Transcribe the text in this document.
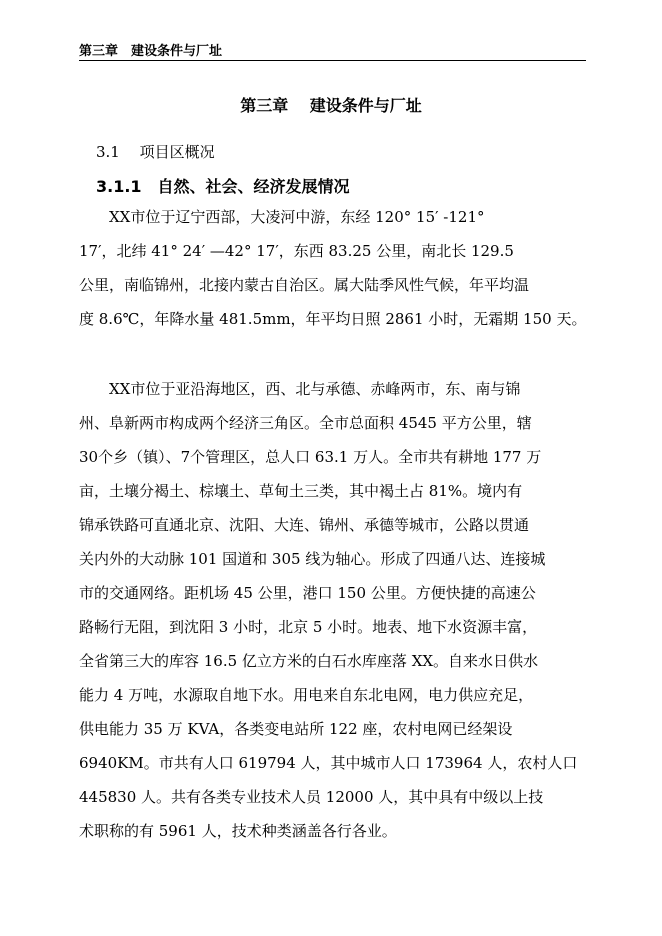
第三章　建设条件与厂址
第三章　 建设条件与厂址
3.1　 项目区概况
3.1.1　自然、社会、经济发展情况
　　XX市位于辽宁西部，大凌河中游，东经 120° 15′ -121°
17′，北纬 41° 24′ —42° 17′，东西 83.25 公里，南北长 129.5
公里，南临锦州，北接内蒙古自治区。属大陆季风性气候，年平均温
度 8.6℃，年降水量 481.5mm，年平均日照 2861 小时，无霜期 150 天。
　　XX市位于亚沿海地区，西、北与承德、赤峰两市，东、南与锦
州、阜新两市构成两个经济三角区。全市总面积 4545 平方公里，辖
30个乡（镇）、7个管理区，总人口 63.1 万人。全市共有耕地 177 万
亩，土壤分褐土、棕壤土、草甸土三类，其中褐土占 81%。境内有
锦承铁路可直通北京、沈阳、大连、锦州、承德等城市，公路以贯通
关内外的大动脉 101 国道和 305 线为轴心。形成了四通八达、连接城
市的交通网络。距机场 45 公里，港口 150 公里。方便快捷的高速公
路畅行无阻，到沈阳 3 小时，北京 5 小时。地表、地下水资源丰富，
全省第三大的库容 16.5 亿立方米的白石水库座落 XX。自来水日供水
能力 4 万吨，水源取自地下水。用电来自东北电网，电力供应充足，
供电能力 35 万 KVA，各类变电站所 122 座，农村电网已经架设
6940KM。市共有人口 619794 人，其中城市人口 173964 人，农村人口
445830 人。共有各类专业技术人员 12000 人，其中具有中级以上技
术职称的有 5961 人，技术种类涵盖各行各业。
